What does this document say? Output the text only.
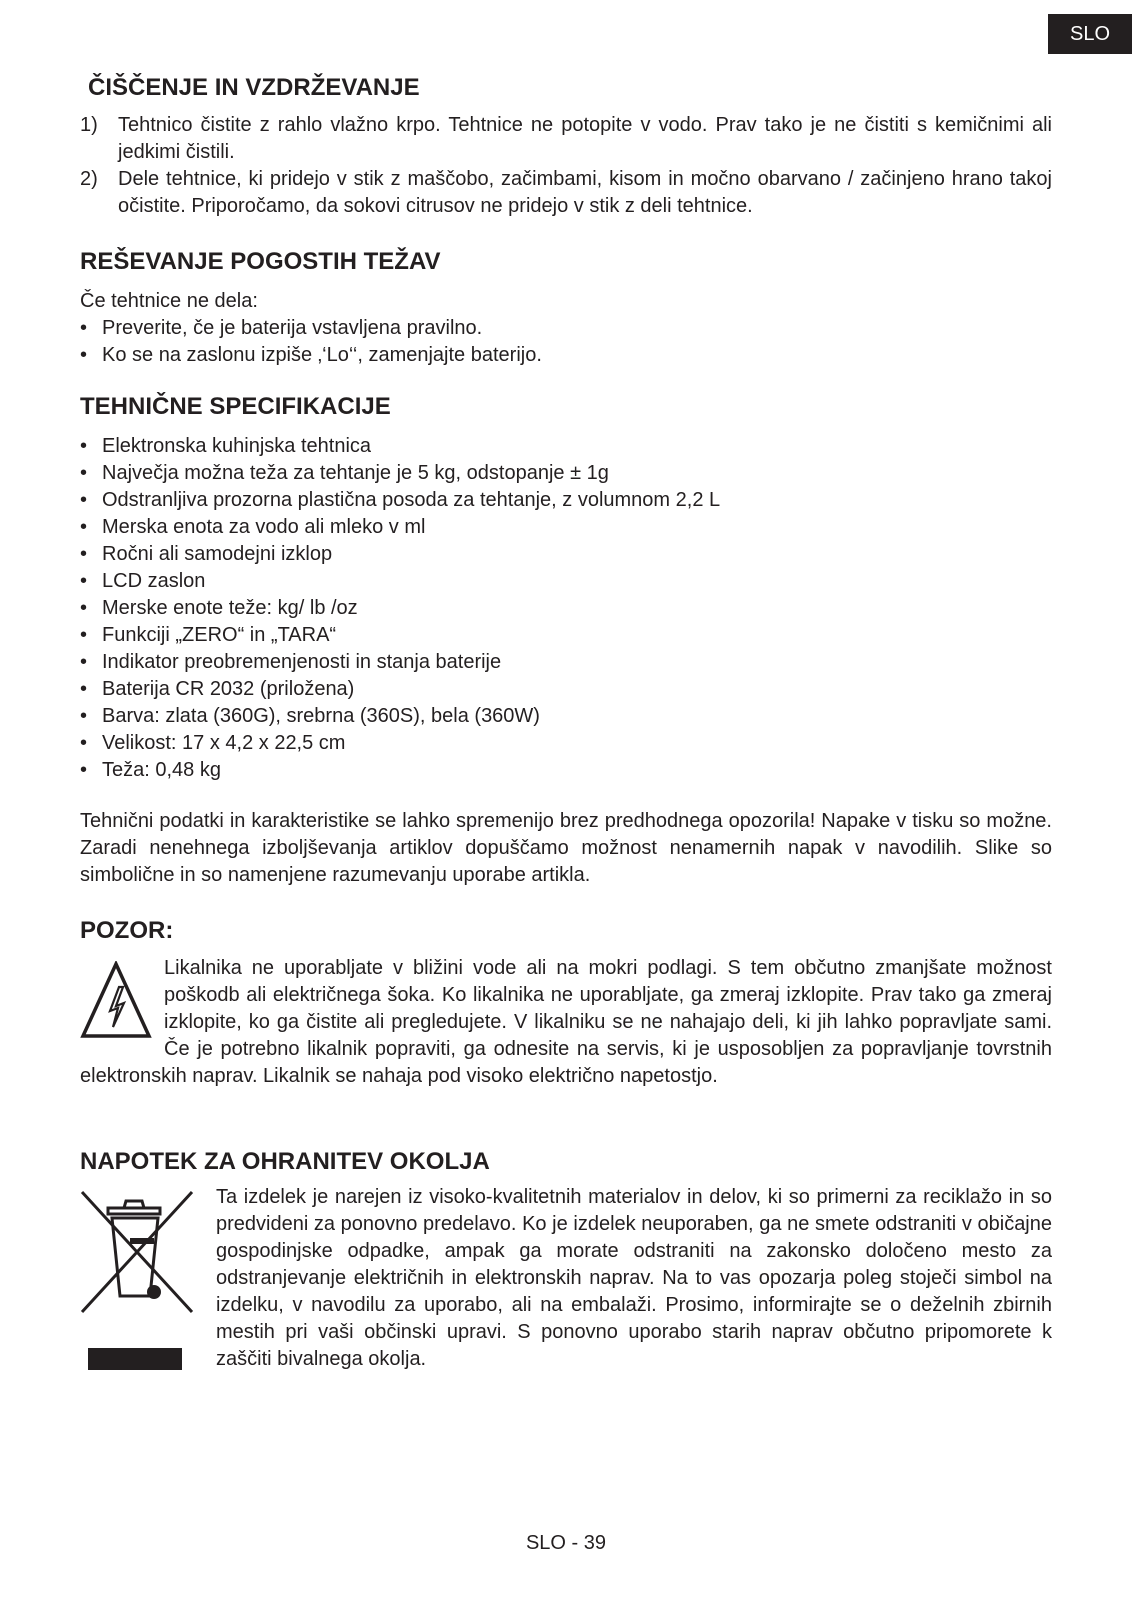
SLO
ČIŠČENJE IN VZDRŽEVANJE
1) Tehtnico čistite z rahlo vlažno krpo. Tehtnice ne potopite v vodo. Prav tako je ne čistiti s kemičnimi ali jedkimi čistili.
2) Dele tehtnice, ki pridejo v stik z maščobo, začimbami, kisom in močno obarvano / začinjeno hrano takoj očistite. Priporočamo, da sokovi citrusov ne pridejo v stik z deli tehtnice.
REŠEVANJE POGOSTIH TEŽAV

Če tehtnice ne dela:

• Preverite, če je baterija vstavljena pravilno.
• Ko se na zaslonu izpiše ‚‘Lo‘‘, zamenjajte baterijo.
TEHNIČNE SPECIFIKACIJE
• Elektronska kuhinjska tehtnica
• Največja možna teža za tehtanje je 5 kg, odstopanje ± 1g
• Odstranljiva prozorna plastična posoda za tehtanje, z volumnom 2,2 L
• Merska enota za vodo ali mleko v ml
• Ročni ali samodejni izklop
• LCD zaslon
• Merske enote teže: kg/ lb /oz
• Funkciji „ZERO“ in „TARA“
• Indikator preobremenjenosti in stanja baterije
• Baterija CR 2032 (priložena)
• Barva: zlata (360G), srebrna (360S), bela (360W)
• Velikost: 17 x 4,2 x 22,5 cm
• Teža: 0,48 kg

Tehnični podatki in karakteristike se lahko spremenijo brez predhodnega opozorila! Napake v tisku so možne. Zaradi nenehnega izboljševanja artiklov dopuščamo možnost nenamernih napak v navodilih. Slike so simbolične in so namenjene razumevanju uporabe artikla.

POZOR:

Likalnika ne uporabljate v bližini vode ali na mokri podlagi. S tem občutno zmanjšate možnost poškodb ali električnega šoka. Ko likalnika ne uporabljate, ga zmeraj izklopite. Prav tako ga zmeraj izklopite, ko ga čistite ali pregledujete. V likalniku se ne nahajajo deli, ki jih lahko popravljate sami. Če je potrebno likalnik popraviti, ga odnesite na servis, ki je usposobljen za popravljanje tovrstnih elektronskih naprav. Likalnik se nahaja pod visoko električno napetostjo.

NAPOTEK ZA OHRANITEV OKOLJA

Ta izdelek je narejen iz visoko-kvalitetnih materialov in delov, ki so primerni za reciklažo in so predvideni za ponovno predelavo. Ko je izdelek neuporaben, ga ne smete odstraniti v običajne gospodinjske odpadke, ampak ga morate odstraniti na zakonsko določeno mesto za odstranjevanje električnih in elektronskih naprav. Na to vas opozarja poleg stoječi simbol na izdelku, v navodilu za uporabo, ali na embalaži. Prosimo, informirajte se o deželnih zbirnih mestih pri vaši občinski upravi. S ponovno uporabo starih naprav občutno pripomorete k zaščiti bivalnega okolja.

SLO - 39
